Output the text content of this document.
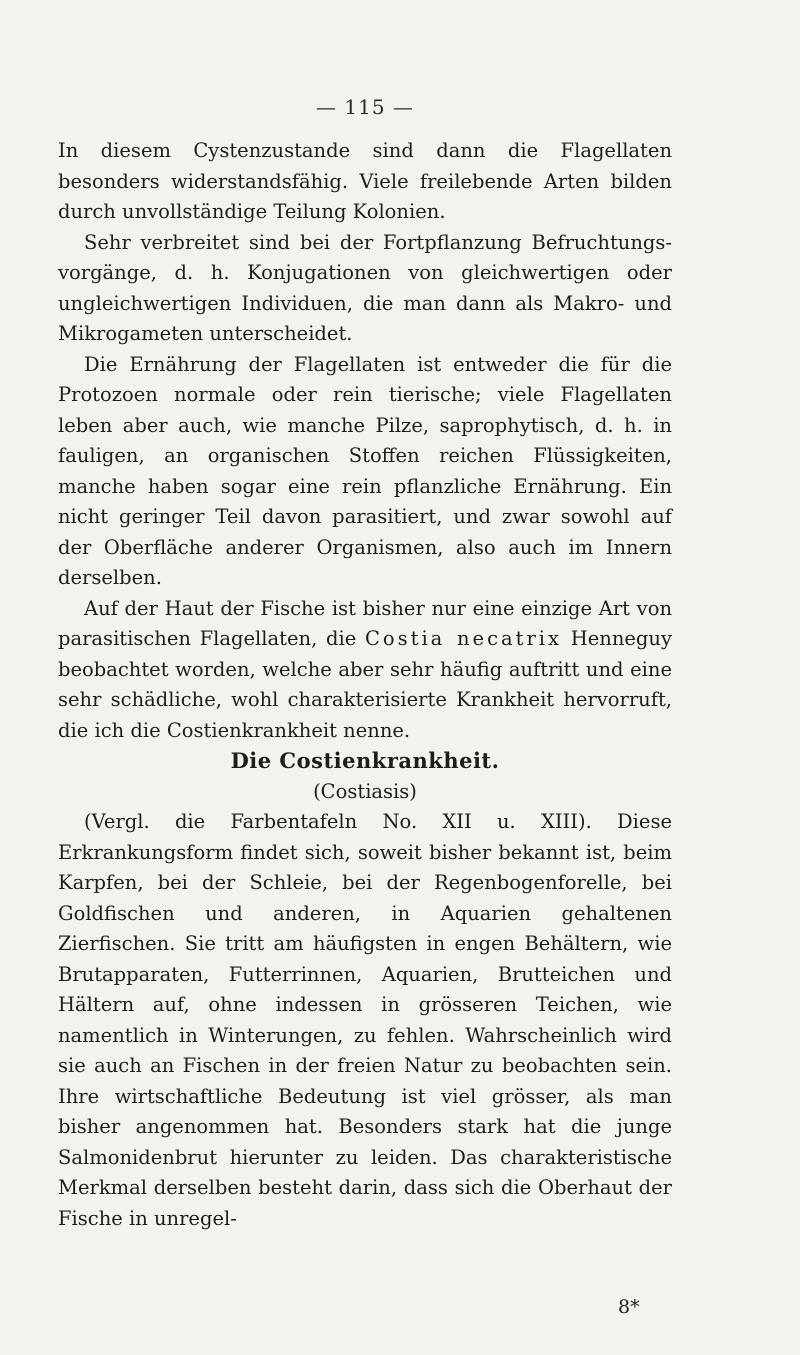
— 115 —

In diesem Cystenzustande sind dann die Flagellaten besonders widerstandsfähig. Viele freilebende Arten bilden durch unvollständige Teilung Kolonien.

Sehr verbreitet sind bei der Fortpflanzung Befruchtungsvorgänge, d. h. Konjugationen von gleichwertigen oder ungleichwertigen Individuen, die man dann als Makro- und Mikrogameten unterscheidet.

Die Ernährung der Flagellaten ist entweder die für die Protozoen normale oder rein tierische; viele Flagellaten leben aber auch, wie manche Pilze, saprophytisch, d. h. in fauligen, an organischen Stoffen reichen Flüssigkeiten, manche haben sogar eine rein pflanzliche Ernährung. Ein nicht geringer Teil davon parasitiert, und zwar sowohl auf der Oberfläche anderer Organismen, also auch im Innern derselben.

Auf der Haut der Fische ist bisher nur eine einzige Art von parasitischen Flagellaten, die Costia necatrix Henneguy beobachtet worden, welche aber sehr häufig auftritt und eine sehr schädliche, wohl charakterisierte Krankheit hervorruft, die ich die Costienkrankheit nenne.

Die Costienkrankheit.

(Costiasis)

(Vergl. die Farbentafeln No. XII u. XIII). Diese Erkrankungsform findet sich, soweit bisher bekannt ist, beim Karpfen, bei der Schleie, bei der Regenbogenforelle, bei Goldfischen und anderen, in Aquarien gehaltenen Zierfischen. Sie tritt am häufigsten in engen Behältern, wie Brutapparaten, Futterrinnen, Aquarien, Brutteichen und Hältern auf, ohne indessen in grösseren Teichen, wie namentlich in Winterungen, zu fehlen. Wahrscheinlich wird sie auch an Fischen in der freien Natur zu beobachten sein. Ihre wirtschaftliche Bedeutung ist viel grösser, als man bisher angenommen hat. Besonders stark hat die junge Salmonidenbrut hierunter zu leiden. Das charakteristische Merkmal derselben besteht darin, dass sich die Oberhaut der Fische in unregel-

8*
